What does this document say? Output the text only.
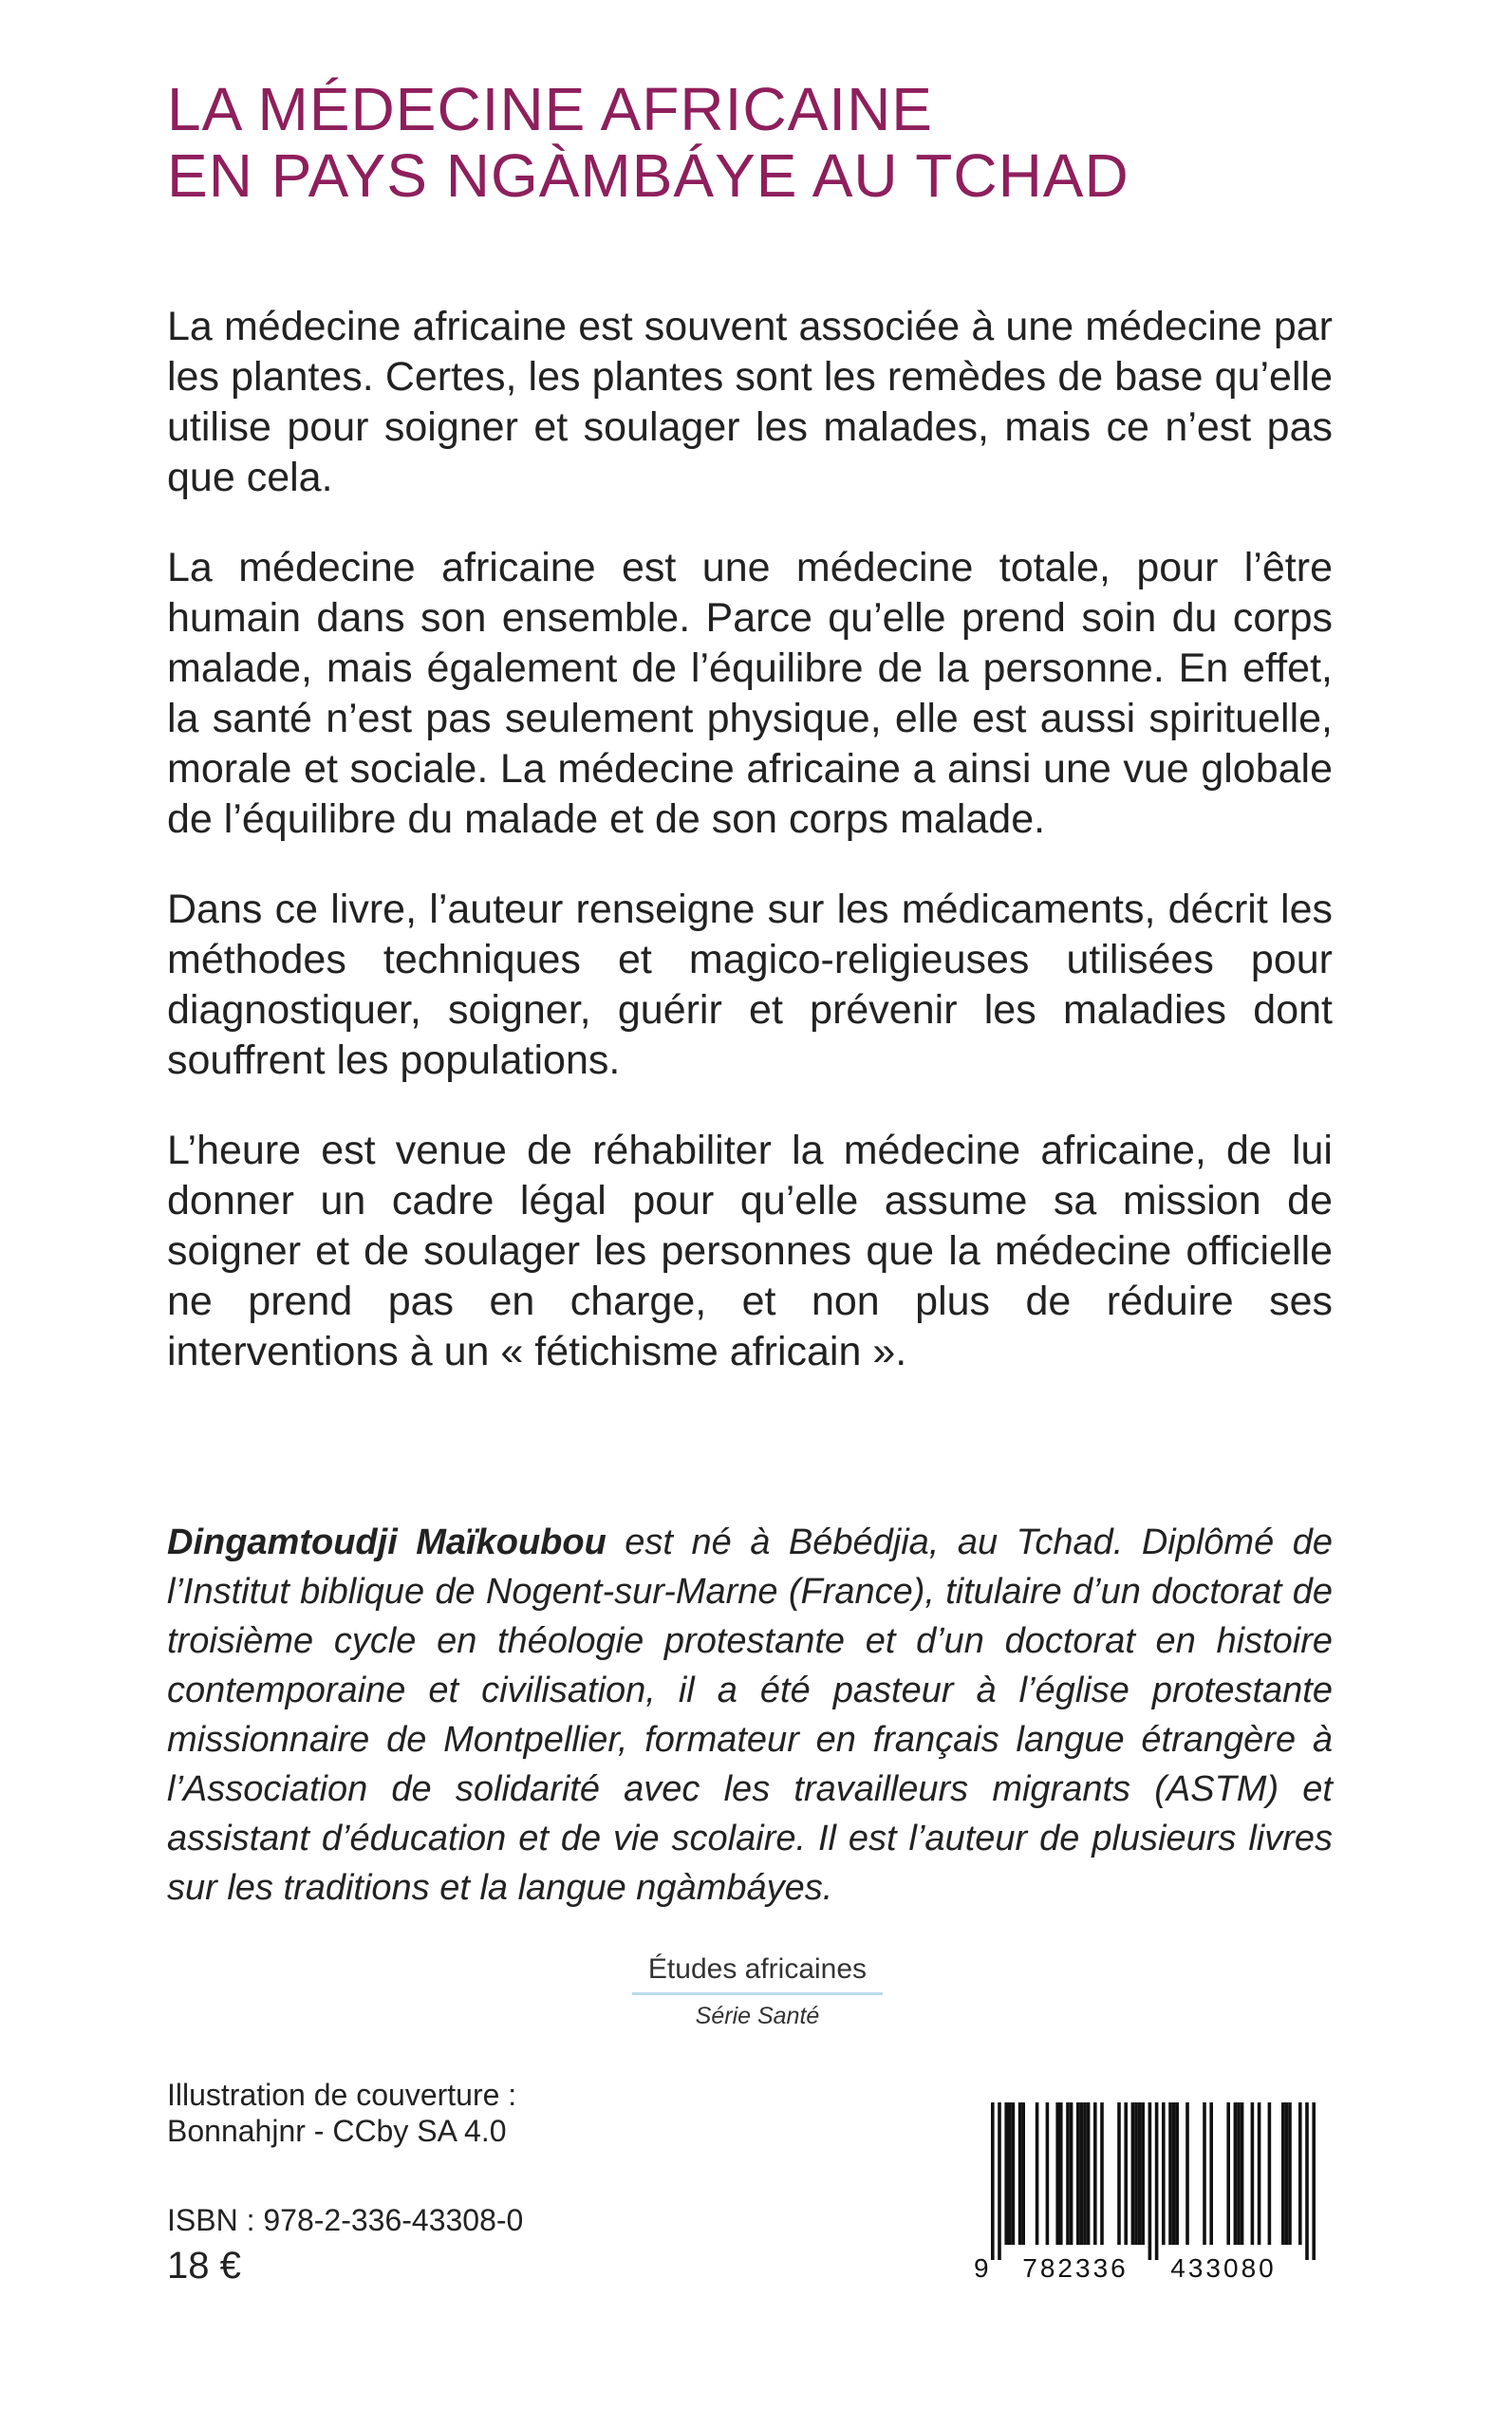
LA MÉDECINE AFRICAINE
EN PAYS NGÀMBÁYE AU TCHAD

La médecine africaine est souvent associée à une médecine par les plantes. Certes, les plantes sont les remèdes de base qu’elle utilise pour soigner et soulager les malades, mais ce n’est pas que cela.

La médecine africaine est une médecine totale, pour l’être humain dans son ensemble. Parce qu’elle prend soin du corps malade, mais également de l’équilibre de la personne. En effet, la santé n’est pas seulement physique, elle est aussi spirituelle, morale et sociale. La médecine africaine a ainsi une vue globale de l’équilibre du malade et de son corps malade.

Dans ce livre, l’auteur renseigne sur les médicaments, décrit les méthodes techniques et magico-religieuses utilisées pour diagnostiquer, soigner, guérir et prévenir les maladies dont souffrent les populations.

L’heure est venue de réhabiliter la médecine africaine, de lui donner un cadre légal pour qu’elle assume sa mission de soigner et de soulager les personnes que la médecine officielle ne prend pas en charge, et non plus de réduire ses interventions à un « fétichisme africain ».

Dingamtoudji Maïkoubou est né à Bébédjia, au Tchad. Diplômé de l’Institut biblique de Nogent-sur-Marne (France), titulaire d’un doctorat de troisième cycle en théologie protestante et d’un doctorat en histoire contemporaine et civilisation, il a été pasteur à l’église protestante missionnaire de Montpellier, formateur en français langue étrangère à l’Association de solidarité avec les travailleurs migrants (ASTM) et assistant d’éducation et de vie scolaire. Il est l’auteur de plusieurs livres sur les traditions et la langue ngàmbáyes.

Études africaines
Série Santé
Illustration de couverture :
Bonnahjnr - CCby SA 4.0
ISBN : 978-2-336-43308-0
18 €	9 782336 433080
